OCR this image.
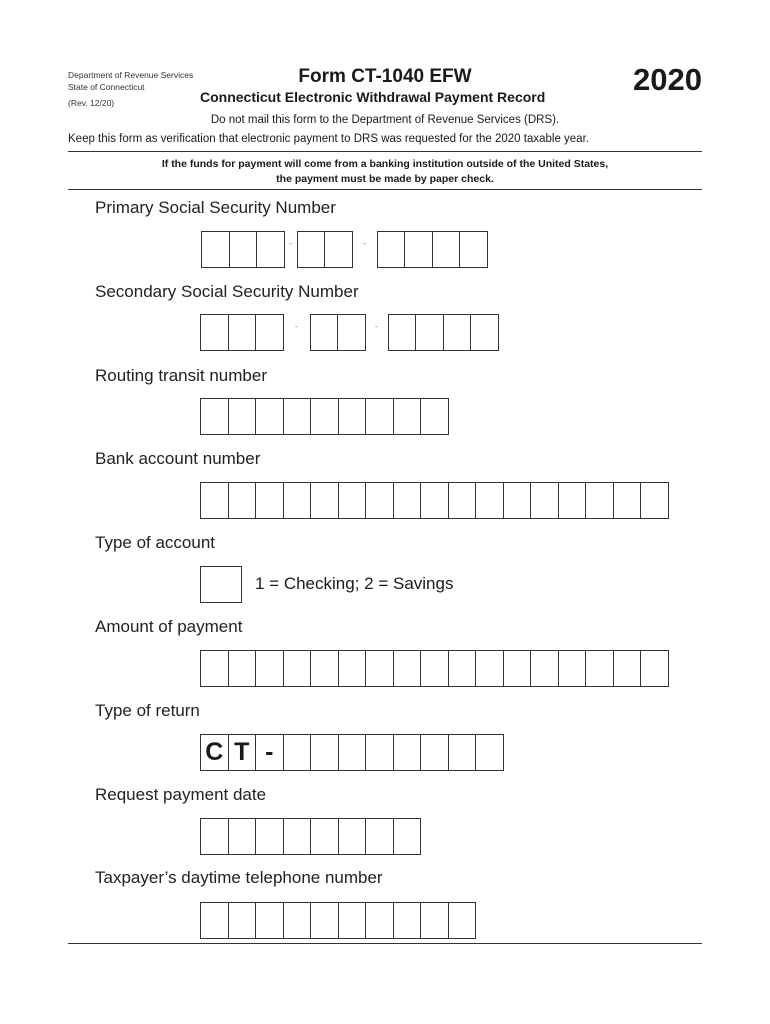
Department of Revenue Services
State of Connecticut
(Rev. 12/20)
Form CT-1040 EFW
Connecticut Electronic Withdrawal Payment Record	2020
Do not mail this form to the Department of Revenue Services (DRS).
Keep this form as verification that electronic payment to DRS was requested for the 2020 taxable year.
If the funds for payment will come from a banking institution outside of the United States,
the payment must be made by paper check.
Primary Social Security Number
-	-
Secondary Social Security Number
-	-
Routing transit number
Bank account number
Type of account
1 = Checking; 2 = Savings
Amount of payment
Type of return
C T -
Request payment date
Taxpayer’s daytime telephone number
